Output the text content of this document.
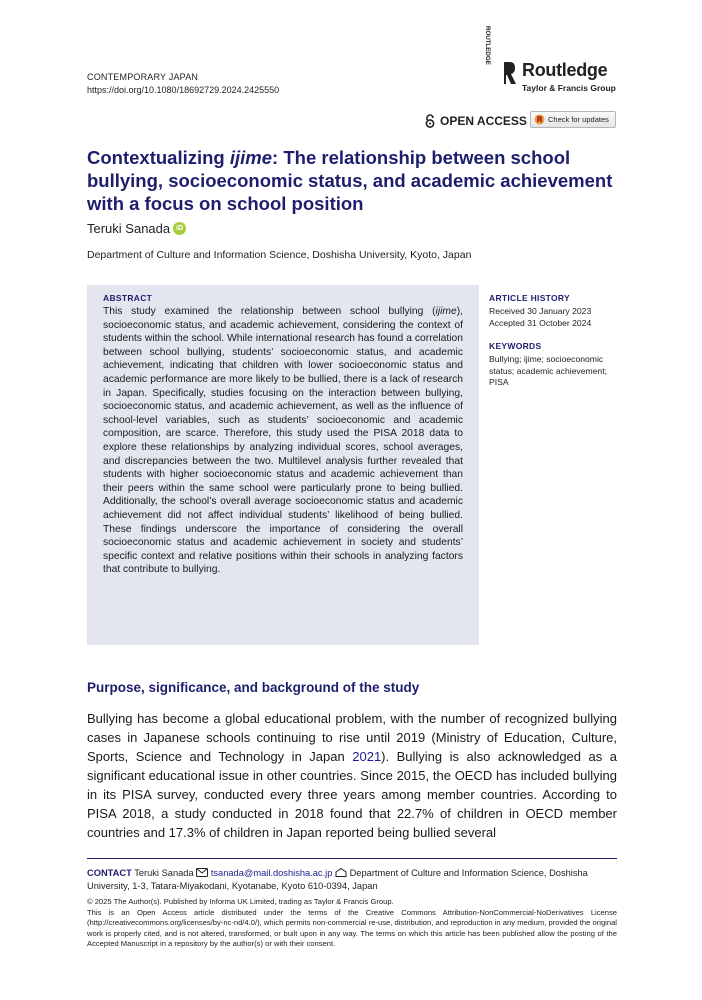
CONTEMPORARY JAPAN
https://doi.org/10.1080/18692729.2024.2425550
ROUTLEDGE
Routledge
Taylor & Francis Group
OPEN ACCESS	Check for updates
Contextualizing ijime: The relationship between school bullying, socioeconomic status, and academic achievement with a focus on school position
Teruki Sanada iD
Department of Culture and Information Science, Doshisha University, Kyoto, Japan
ABSTRACT
This study examined the relationship between school bullying (ijime), socioeconomic status, and academic achievement, considering the context of students within the school. While international research has found a correlation between school bullying, students’ socioeconomic status, and academic achievement, indicating that children with lower socioeconomic status and academic performance are more likely to be bullied, there is a lack of research in Japan. Specifically, studies focusing on the interaction between bullying, socioeconomic status, and academic achievement, as well as the influence of school-level variables, such as students’ socioeconomic and academic composition, are scarce. Therefore, this study used the PISA 2018 data to explore these relationships by analyzing individual scores, school averages, and discrepancies between the two. Multilevel analysis further revealed that students with higher socioeconomic status and academic achievement than their peers within the same school were particularly prone to being bullied. Additionally, the school’s overall average socioeconomic status and academic achievement did not affect individual students’ likelihood of being bullied. These findings underscore the importance of considering the overall socioeconomic status and academic achievement in society and students’ specific context and relative positions within their schools in analyzing factors that contribute to bullying.
ARTICLE HISTORY
Received 30 January 2023
Accepted 31 October 2024
KEYWORDS
Bullying; ijime; socioeconomic status; academic achievement; PISA
Purpose, significance, and background of the study
Bullying has become a global educational problem, with the number of recognized bullying cases in Japanese schools continuing to rise until 2019 (Ministry of Education, Culture, Sports, Science and Technology in Japan 2021). Bullying is also acknowledged as a significant educational issue in other countries. Since 2015, the OECD has included bullying in its PISA survey, conducted every three years among member countries. According to PISA 2018, a study conducted in 2018 found that 22.7% of children in OECD member countries and 17.3% of children in Japan reported being bullied several
CONTACT Teruki Sanada tsanada@mail.doshisha.ac.jp Department of Culture and Information Science, Doshisha University, 1-3, Tatara-Miyakodani, Kyotanabe, Kyoto 610-0394, Japan
© 2025 The Author(s). Published by Informa UK Limited, trading as Taylor & Francis Group.
This is an Open Access article distributed under the terms of the Creative Commons Attribution-NonCommercial-NoDerivatives License (http://creativecommons.org/licenses/by-nc-nd/4.0/), which permits non-commercial re-use, distribution, and reproduction in any medium, provided the original work is properly cited, and is not altered, transformed, or built upon in any way. The terms on which this article has been published allow the posting of the Accepted Manuscript in a repository by the author(s) or with their consent.
